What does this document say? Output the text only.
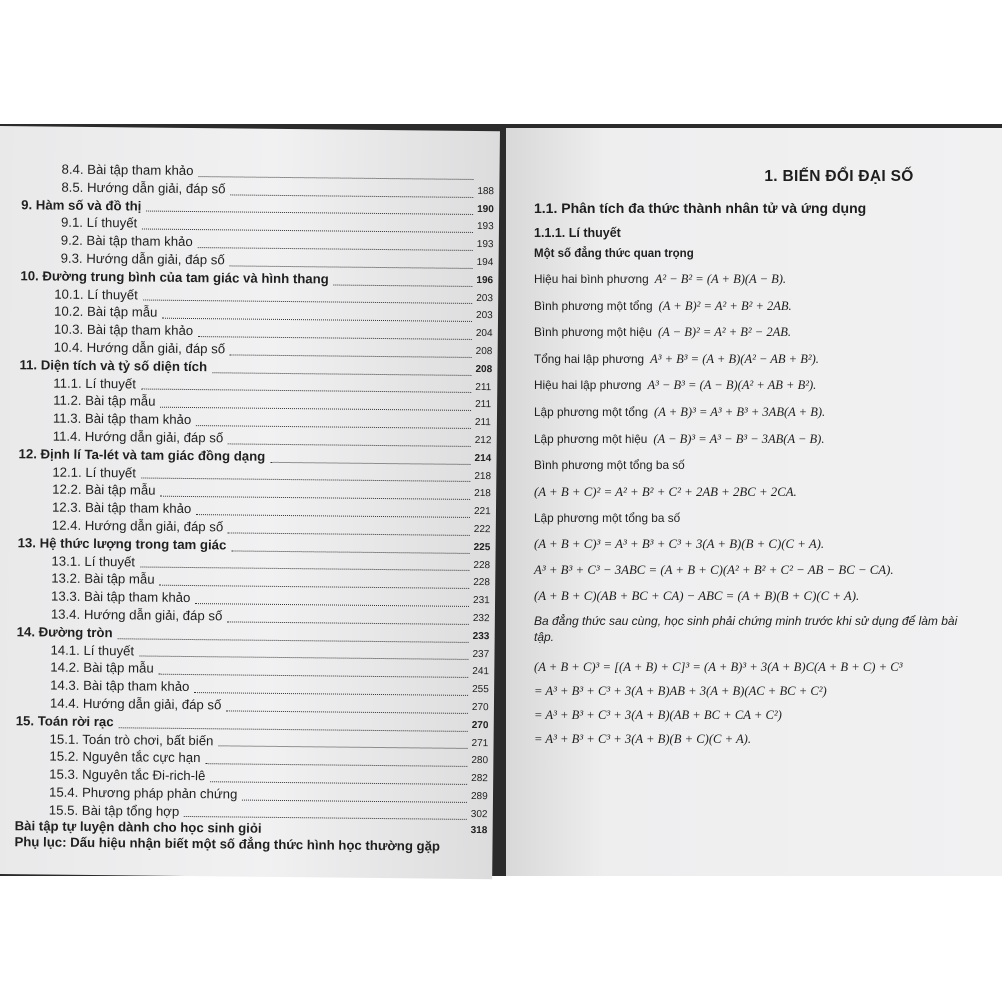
8.4. Bài tập tham khảo
8.5. Hướng dẫn giải, đáp số	188
9. Hàm số và đồ thị	190
9.1. Lí thuyết	193
9.2. Bài tập tham khảo	193
9.3. Hướng dẫn giải, đáp số	194
10. Đường trung bình của tam giác và hình thang	196
10.1. Lí thuyết	203
10.2. Bài tập mẫu	203
10.3. Bài tập tham khảo	204
10.4. Hướng dẫn giải, đáp số	208
11. Diện tích và tỷ số diện tích	208
11.1. Lí thuyết	211
11.2. Bài tập mẫu	211
11.3. Bài tập tham khảo	211
11.4. Hướng dẫn giải, đáp số	212
12. Định lí Ta-lét và tam giác đồng dạng	214
12.1. Lí thuyết	218
12.2. Bài tập mẫu	218
12.3. Bài tập tham khảo	221
12.4. Hướng dẫn giải, đáp số	222
13. Hệ thức lượng trong tam giác	225
13.1. Lí thuyết	228
13.2. Bài tập mẫu	228
13.3. Bài tập tham khảo	231
13.4. Hướng dẫn giải, đáp số	232
14. Đường tròn	233
14.1. Lí thuyết	237
14.2. Bài tập mẫu	241
14.3. Bài tập tham khảo	255
14.4. Hướng dẫn giải, đáp số	270
15. Toán rời rạc	270
15.1. Toán trò chơi, bất biến	271
15.2. Nguyên tắc cực hạn	280
15.3. Nguyên tắc Đi-rich-lê	282
15.4. Phương pháp phản chứng	289
15.5. Bài tập tổng hợp	302
Bài tập tự luyện dành cho học sinh giỏi	318
Phụ lục: Dấu hiệu nhận biết một số đẳng thức hình học thường gặp
1. BIẾN ĐỔI ĐẠI SỐ
1.1. Phân tích đa thức thành nhân tử và ứng dụng
1.1.1. Lí thuyết
Một số đẳng thức quan trọng
Hiệu hai bình phương A² − B² = (A + B)(A − B).
Bình phương một tổng (A + B)² = A² + B² + 2AB.
Bình phương một hiệu (A − B)² = A² + B² − 2AB.
Tổng hai lập phương A³ + B³ = (A + B)(A² − AB + B²).
Hiệu hai lập phương A³ − B³ = (A − B)(A² + AB + B²).
Lập phương một tổng (A + B)³ = A³ + B³ + 3AB(A + B).
Lập phương một hiệu (A − B)³ = A³ − B³ − 3AB(A − B).
Bình phương một tổng ba số
(A + B + C)² = A² + B² + C² + 2AB + 2BC + 2CA.
Lập phương một tổng ba số
(A + B + C)³ = A³ + B³ + C³ + 3(A + B)(B + C)(C + A).
A³ + B³ + C³ − 3ABC = (A + B + C)(A² + B² + C² − AB − BC − CA).
(A + B + C)(AB + BC + CA) − ABC = (A + B)(B + C)(C + A).
Ba đẳng thức sau cùng, học sinh phải chứng minh trước khi sử dụng để làm bài tập.
(A + B + C)³ = [(A + B) + C]³ = (A + B)³ + 3(A + B)C(A + B + C) + C³
= A³ + B³ + C³ + 3(A + B)AB + 3(A + B)(AC + BC + C²)
= A³ + B³ + C³ + 3(A + B)(AB + BC + CA + C²)
= A³ + B³ + C³ + 3(A + B)(B + C)(C + A).
